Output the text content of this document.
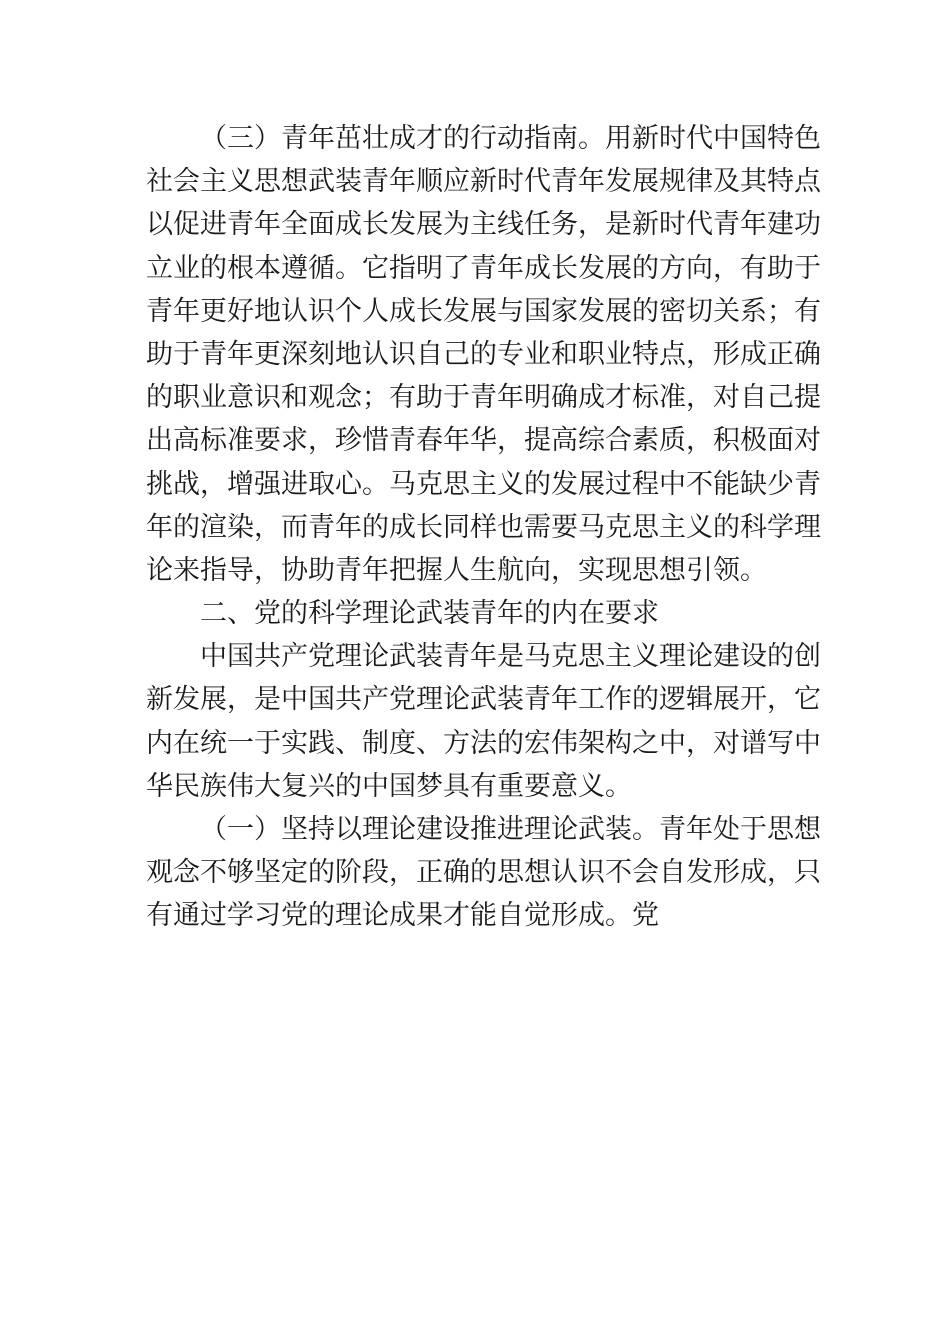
（三）青年茁壮成才的行动指南。用新时代中国特色
社会主义思想武装青年顺应新时代青年发展规律及其特点
以促进青年全面成长发展为主线任务，是新时代青年建功
立业的根本遵循。它指明了青年成长发展的方向，有助于
青年更好地认识个人成长发展与国家发展的密切关系；有
助于青年更深刻地认识自己的专业和职业特点，形成正确
的职业意识和观念；有助于青年明确成才标准，对自己提
出高标准要求，珍惜青春年华，提高综合素质，积极面对
挑战，增强进取心。马克思主义的发展过程中不能缺少青
年的渲染，而青年的成长同样也需要马克思主义的科学理
论来指导，协助青年把握人生航向，实现思想引领。
二、党的科学理论武装青年的内在要求
中国共产党理论武装青年是马克思主义理论建设的创
新发展，是中国共产党理论武装青年工作的逻辑展开，它
内在统一于实践、制度、方法的宏伟架构之中，对谱写中
华民族伟大复兴的中国梦具有重要意义。
（一）坚持以理论建设推进理论武装。青年处于思想
观念不够坚定的阶段，正确的思想认识不会自发形成，只
有通过学习党的理论成果才能自觉形成。党
